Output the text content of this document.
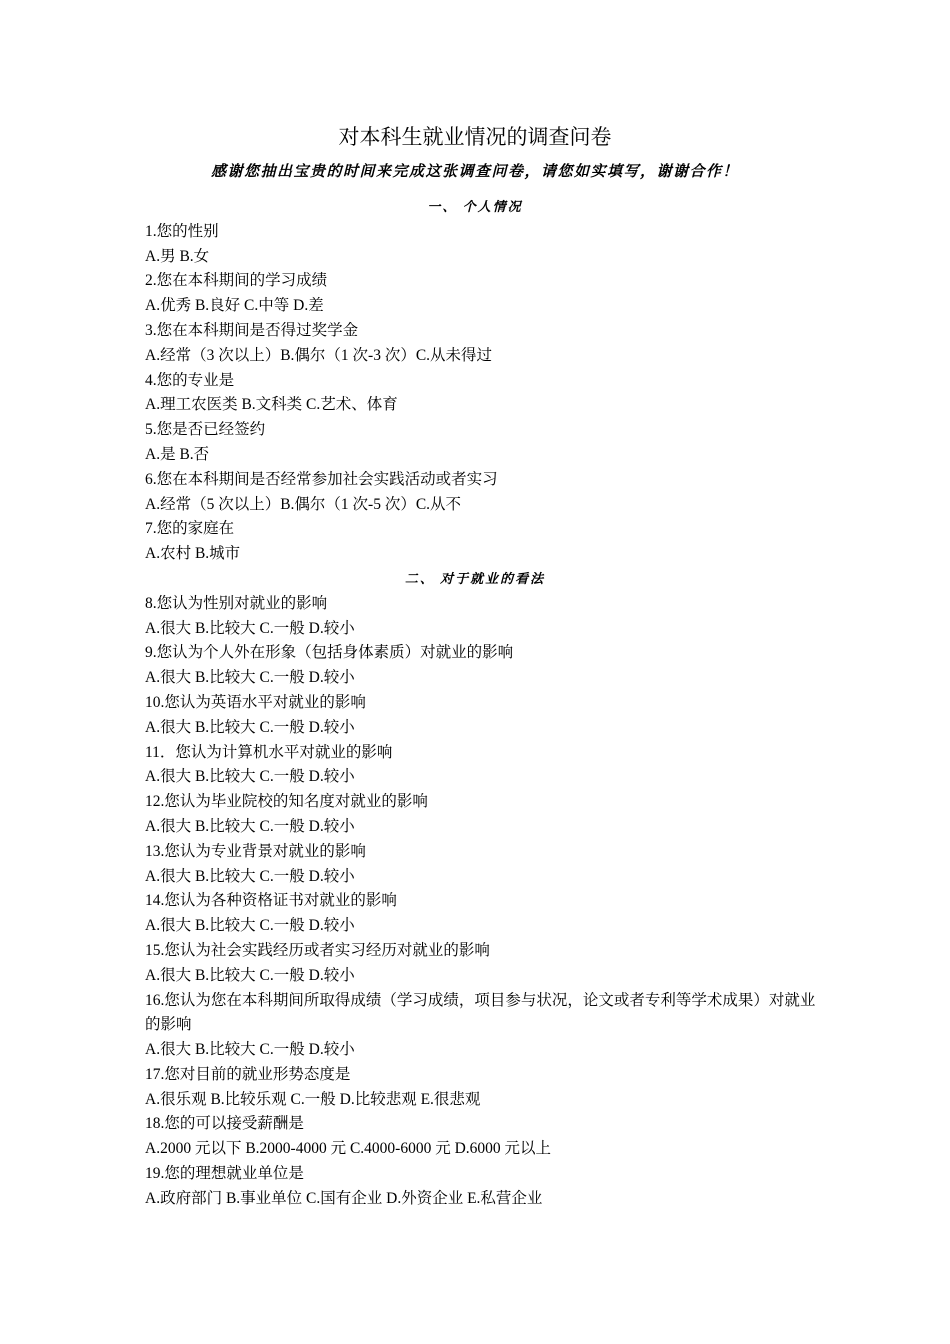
对本科生就业情况的调查问卷
感谢您抽出宝贵的时间来完成这张调查问卷，请您如实填写，谢谢合作！
一、 个人情况
1.您的性别
A.男 B.女
2.您在本科期间的学习成绩
A.优秀 B.良好 C.中等 D.差
3.您在本科期间是否得过奖学金
A.经常（3 次以上）B.偶尔（1 次-3 次）C.从未得过
4.您的专业是
A.理工农医类 B.文科类 C.艺术、体育
5.您是否已经签约
A.是 B.否
6.您在本科期间是否经常参加社会实践活动或者实习
A.经常（5 次以上）B.偶尔（1 次-5 次）C.从不
7.您的家庭在
A.农村 B.城市
二、 对于就业的看法
8.您认为性别对就业的影响
A.很大 B.比较大 C.一般 D.较小
9.您认为个人外在形象（包括身体素质）对就业的影响
A.很大 B.比较大 C.一般 D.较小
10.您认为英语水平对就业的影响
A.很大 B.比较大 C.一般 D.较小
11．您认为计算机水平对就业的影响
A.很大 B.比较大 C.一般 D.较小
12.您认为毕业院校的知名度对就业的影响
A.很大 B.比较大 C.一般 D.较小
13.您认为专业背景对就业的影响
A.很大 B.比较大 C.一般 D.较小
14.您认为各种资格证书对就业的影响
A.很大 B.比较大 C.一般 D.较小
15.您认为社会实践经历或者实习经历对就业的影响
A.很大 B.比较大 C.一般 D.较小
16.您认为您在本科期间所取得成绩（学习成绩，项目参与状况，论文或者专利等学术成果）对就业的影响
A.很大 B.比较大 C.一般 D.较小
17.您对目前的就业形势态度是
A.很乐观 B.比较乐观 C.一般 D.比较悲观 E.很悲观
18.您的可以接受薪酬是
A.2000 元以下 B.2000-4000 元 C.4000-6000 元 D.6000 元以上
19.您的理想就业单位是
A.政府部门 B.事业单位 C.国有企业 D.外资企业 E.私营企业
